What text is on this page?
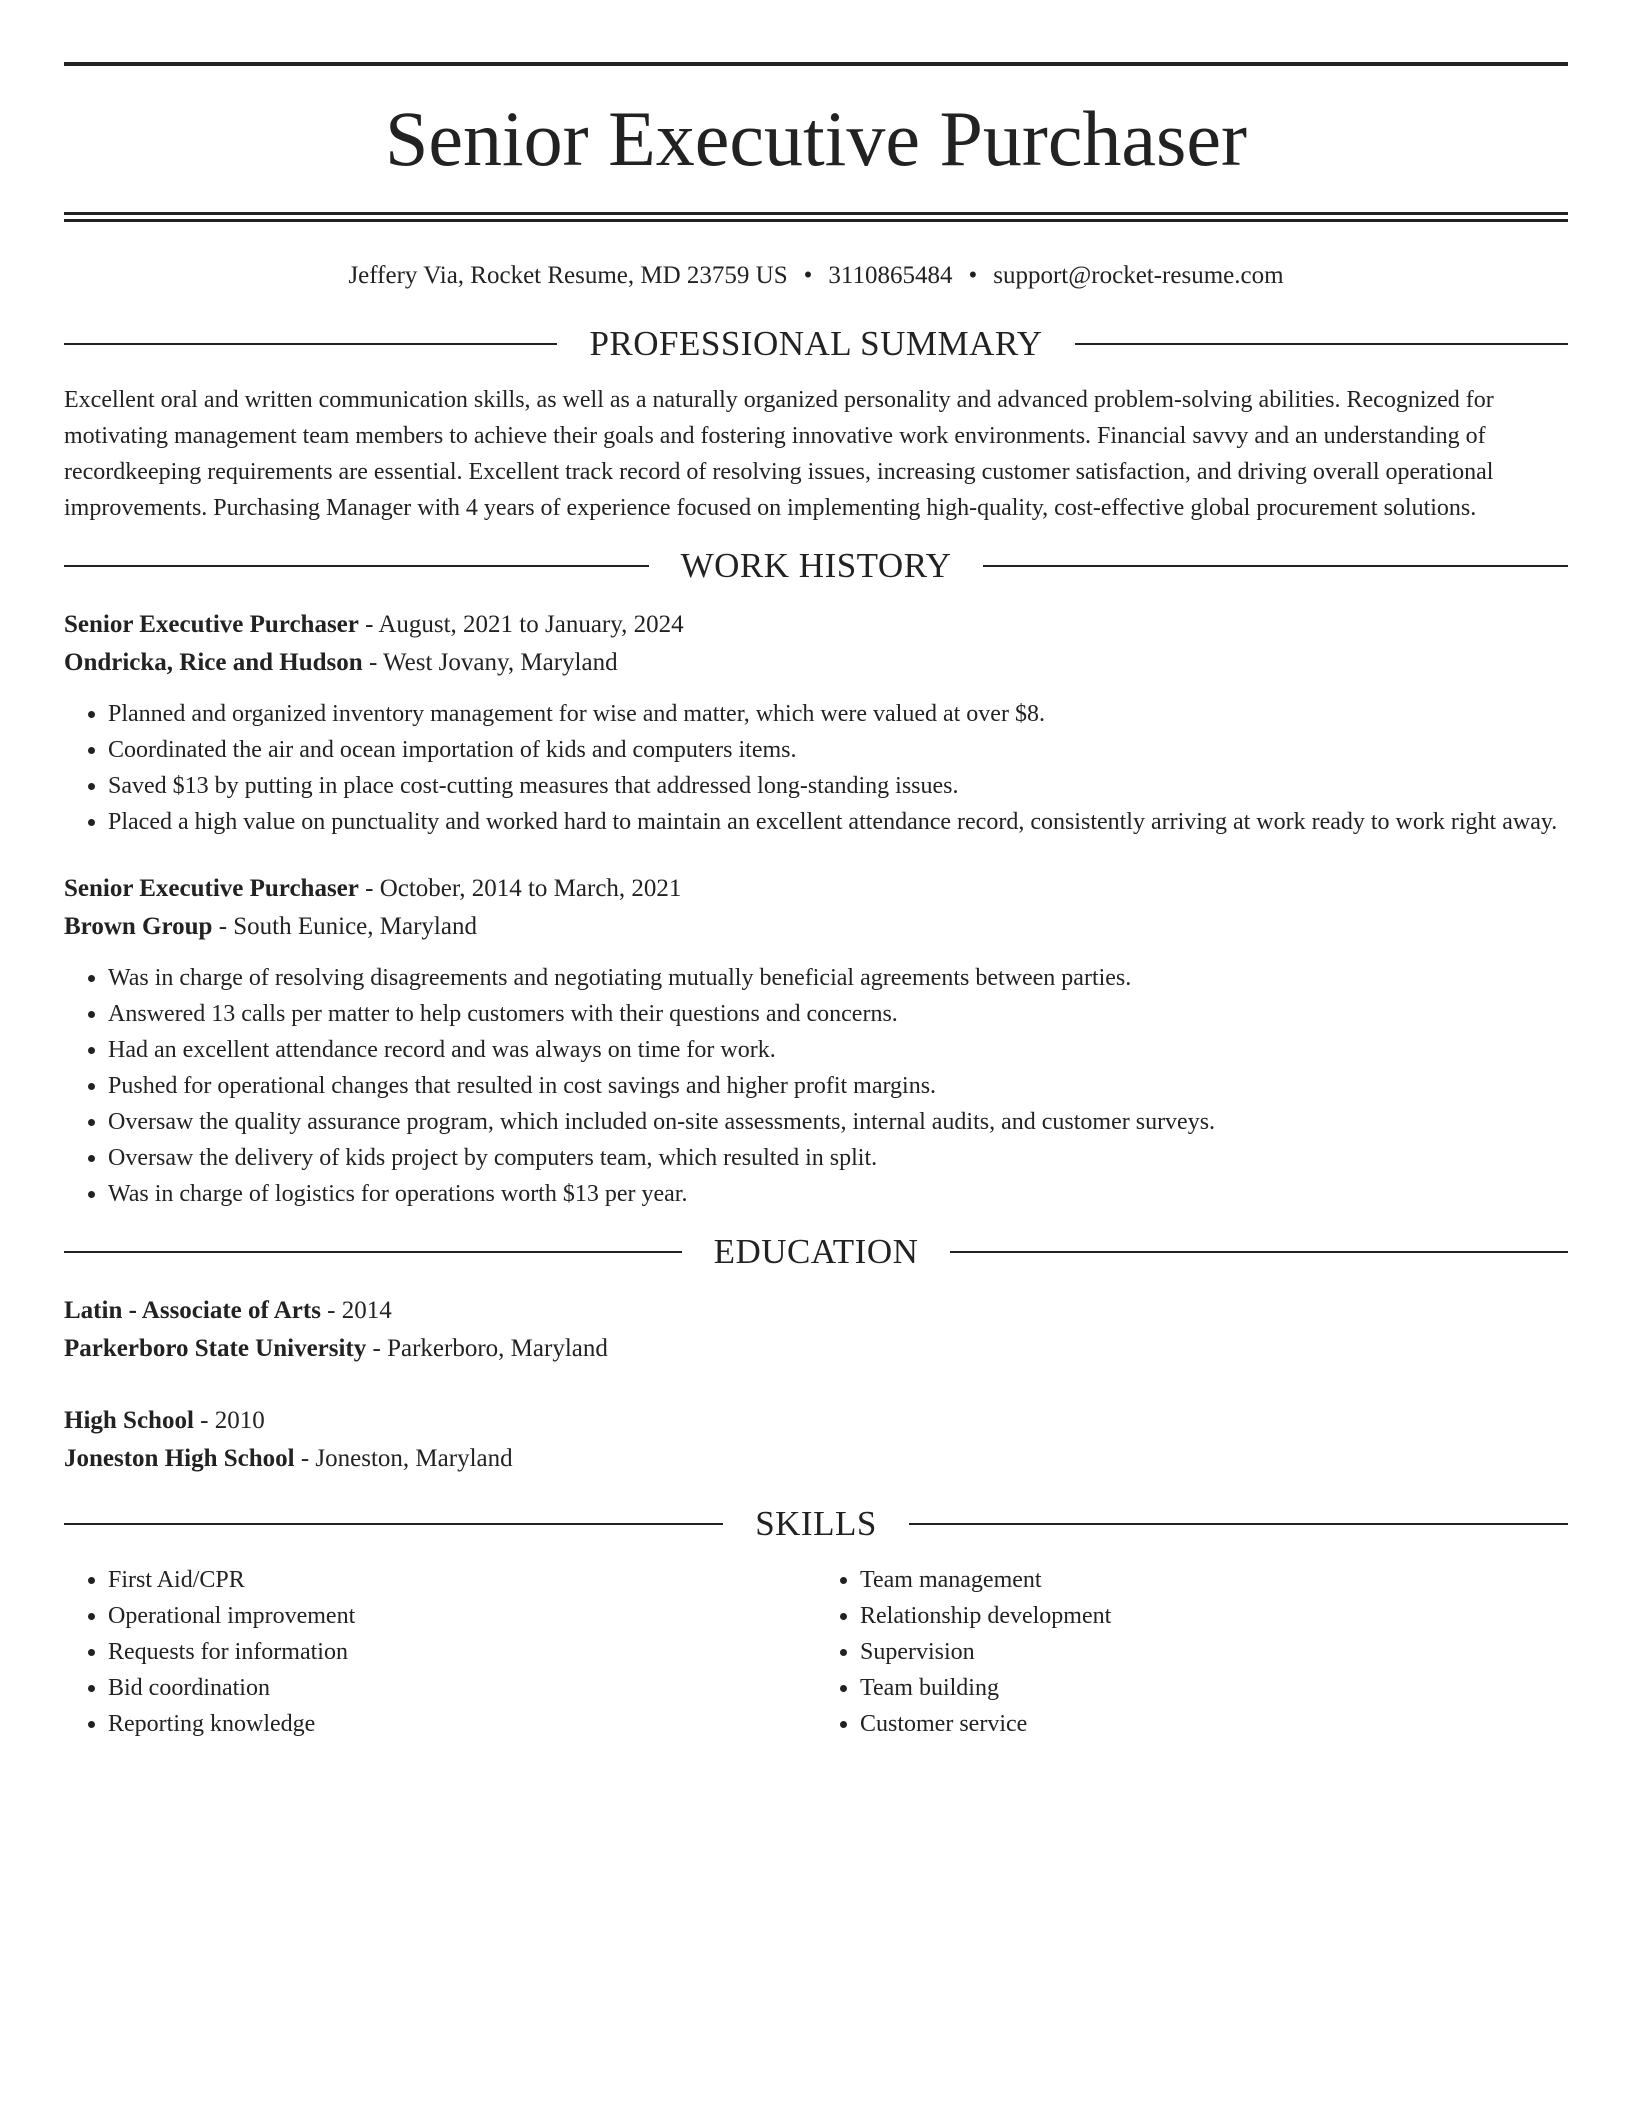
Senior Executive Purchaser
Jeffery Via, Rocket Resume, MD 23759 US • 3110865484 • support@rocket-resume.com
PROFESSIONAL SUMMARY

Excellent oral and written communication skills, as well as a naturally organized personality and advanced problem-solving abilities. Recognized for motivating management team members to achieve their goals and fostering innovative work environments. Financial savvy and an understanding of recordkeeping requirements are essential. Excellent track record of resolving issues, increasing customer satisfaction, and driving overall operational improvements. Purchasing Manager with 4 years of experience focused on implementing high-quality, cost-effective global procurement solutions.

WORK HISTORY
Senior Executive Purchaser - August, 2021 to January, 2024
Ondricka, Rice and Hudson - West Jovany, Maryland
• Planned and organized inventory management for wise and matter, which were valued at over $8.
• Coordinated the air and ocean importation of kids and computers items.
• Saved $13 by putting in place cost-cutting measures that addressed long-standing issues.
• Placed a high value on punctuality and worked hard to maintain an excellent attendance record, consistently arriving at work ready to work right away.
Senior Executive Purchaser - October, 2014 to March, 2021
Brown Group - South Eunice, Maryland
• Was in charge of resolving disagreements and negotiating mutually beneficial agreements between parties.
• Answered 13 calls per matter to help customers with their questions and concerns.
• Had an excellent attendance record and was always on time for work.
• Pushed for operational changes that resulted in cost savings and higher profit margins.
• Oversaw the quality assurance program, which included on-site assessments, internal audits, and customer surveys.
• Oversaw the delivery of kids project by computers team, which resulted in split.
• Was in charge of logistics for operations worth $13 per year.
EDUCATION
Latin - Associate of Arts - 2014
Parkerboro State University - Parkerboro, Maryland
High School - 2010
Joneston High School - Joneston, Maryland
SKILLS
• First Aid/CPR
• Operational improvement
• Requests for information
• Bid coordination
• Reporting knowledge
• Team management
• Relationship development
• Supervision
• Team building
• Customer service
